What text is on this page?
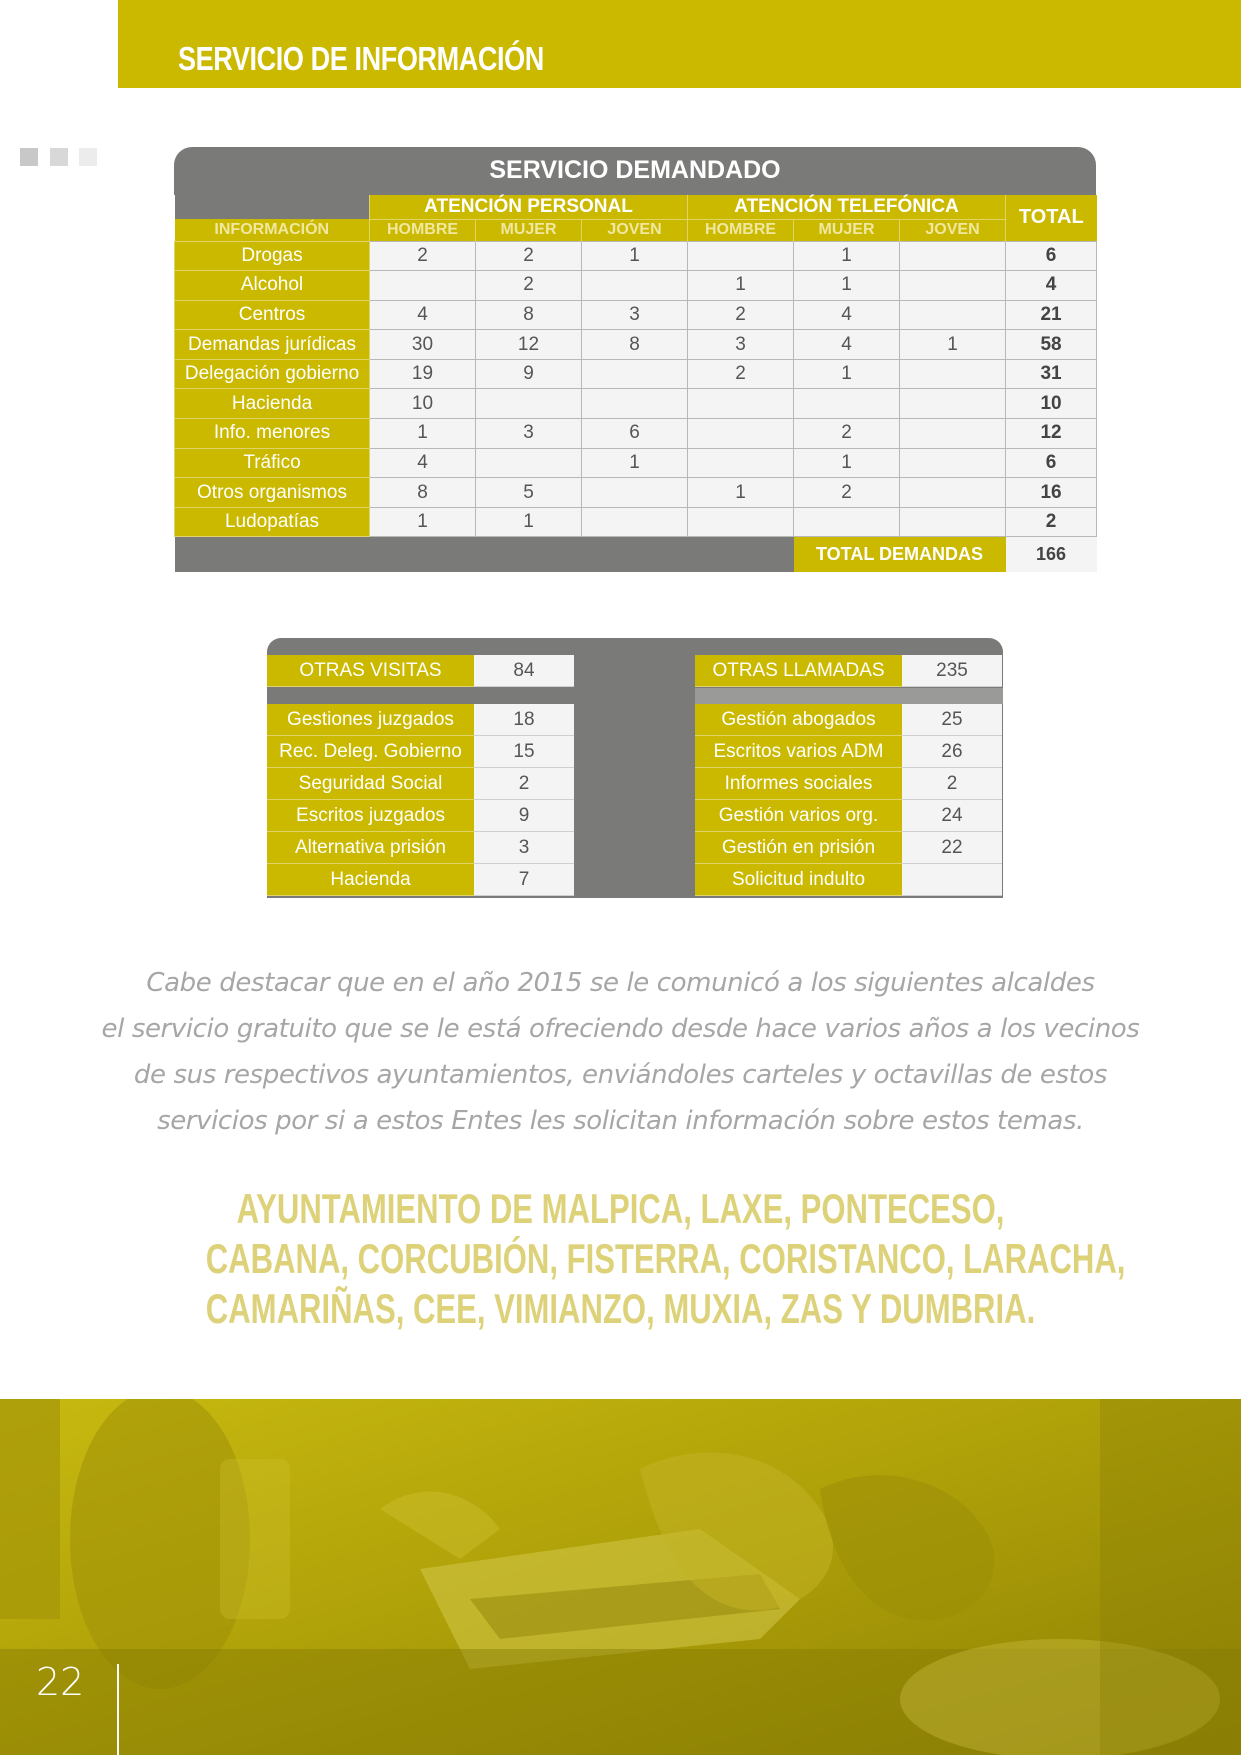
SERVICIO DE INFORMACIÓN
SERVICIO DEMANDADO
	ATENCIÓN PERSONAL			ATENCIÓN TELEFÓNICA			TOTAL
INFORMACIÓN	HOMBRE	MUJER	JOVEN	HOMBRE	MUJER	JOVEN	
Drogas	2	2	1		1		6
Alcohol		2		1	1		4
Centros	4	8	3	2	4		21
Demandas jurídicas	30	12	8	3	4	1	58
Delegación gobierno	19	9		2	1		31
Hacienda	10						10
Info. menores	1	3	6		2		12
Tráfico	4		1		1		6
Otros organismos	8	5		1	2		16
Ludopatías	1	1					2
					TOTAL DEMANDAS		166
OTRAS VISITAS	84
Gestiones juzgados	18
Rec. Deleg. Gobierno	15
Seguridad Social	2
Escritos juzgados	9
Alternativa prisión	3
Hacienda	7
OTRAS LLAMADAS	235
Gestión abogados	25
Escritos varios ADM	26
Informes sociales	2
Gestión varios org.	24
Gestión en prisión	22
Solicitud indulto
Cabe destacar que en el año 2015 se le comunicó a los siguientes alcaldes
el servicio gratuito que se le está ofreciendo desde hace varios años a los vecinos
de sus respectivos ayuntamientos, enviándoles carteles y octavillas de estos
servicios por si a estos Entes les solicitan información sobre estos temas.
AYUNTAMIENTO DE MALPICA, LAXE, PONTECESO,
CABANA, CORCUBIÓN, FISTERRA, CORISTANCO, LARACHA,
CAMARIÑAS, CEE, VIMIANZO, MUXIA, ZAS Y DUMBRIA.
22
